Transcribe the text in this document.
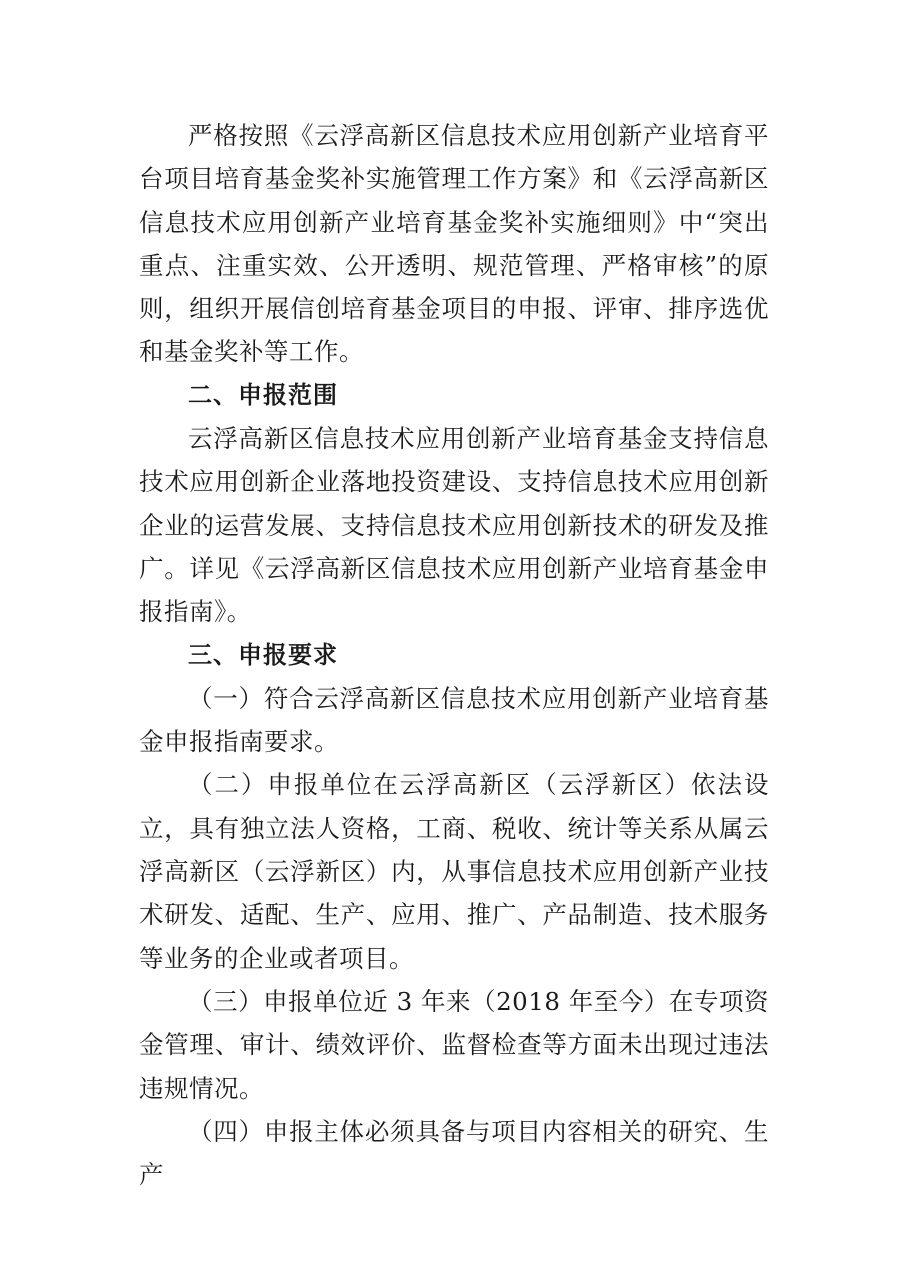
严格按照《云浮高新区信息技术应用创新产业培育平台项目培育基金奖补实施管理工作方案》和《云浮高新区信息技术应用创新产业培育基金奖补实施细则》中“突出重点、注重实效、公开透明、规范管理、严格审核”的原则，组织开展信创培育基金项目的申报、评审、排序选优和基金奖补等工作。

二、申报范围

云浮高新区信息技术应用创新产业培育基金支持信息技术应用创新企业落地投资建设、支持信息技术应用创新企业的运营发展、支持信息技术应用创新技术的研发及推广。详见《云浮高新区信息技术应用创新产业培育基金申报指南》。

三、申报要求

（一）符合云浮高新区信息技术应用创新产业培育基金申报指南要求。

（二）申报单位在云浮高新区（云浮新区）依法设立，具有独立法人资格，工商、税收、统计等关系从属云浮高新区（云浮新区）内，从事信息技术应用创新产业技术研发、适配、生产、应用、推广、产品制造、技术服务等业务的企业或者项目。

（三）申报单位近 3 年来（2018 年至今）在专项资金管理、审计、绩效评价、监督检查等方面未出现过违法违规情况。

（四）申报主体必须具备与项目内容相关的研究、生产
